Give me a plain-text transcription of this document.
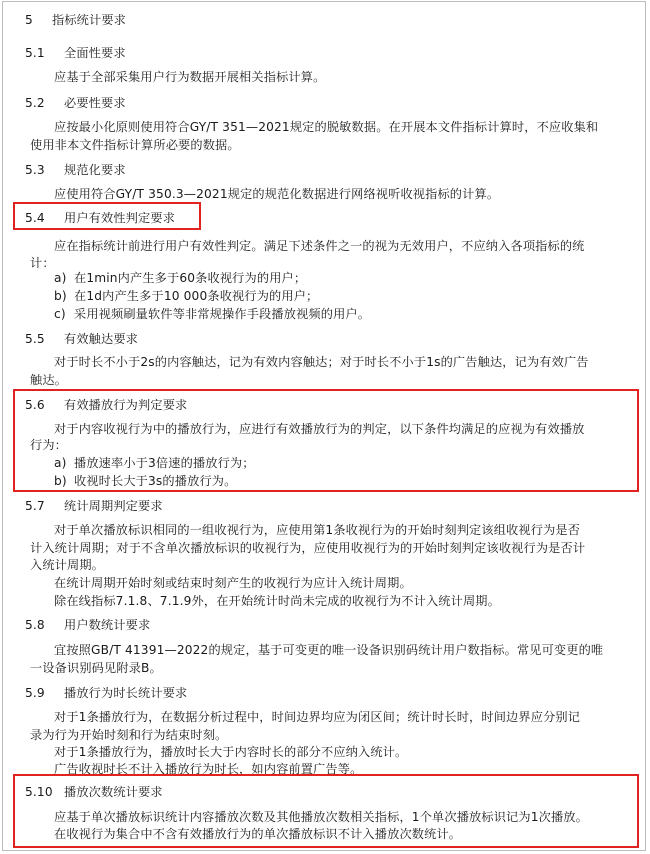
5 指标统计要求
5.1 全面性要求
应基于全部采集用户行为数据开展相关指标计算。
5.2 必要性要求
应按最小化原则使用符合GY/T 351—2021规定的脱敏数据。在开展本文件指标计算时，不应收集和
使用非本文件指标计算所必要的数据。
5.3 规范化要求
应使用符合GY/T 350.3—2021规定的规范化数据进行网络视听收视指标的计算。
5.4 用户有效性判定要求
应在指标统计前进行用户有效性判定。满足下述条件之一的视为无效用户，不应纳入各项指标的统
计：
a) 在1min内产生多于60条收视行为的用户；
b) 在1d内产生多于10 000条收视行为的用户；
c) 采用视频刷量软件等非常规操作手段播放视频的用户。
5.5 有效触达要求
对于时长不小于2s的内容触达，记为有效内容触达；对于时长不小于1s的广告触达，记为有效广告
触达。
5.6 有效播放行为判定要求
对于内容收视行为中的播放行为，应进行有效播放行为的判定，以下条件均满足的应视为有效播放
行为：
a) 播放速率小于3倍速的播放行为；
b) 收视时长大于3s的播放行为。
5.7 统计周期判定要求
对于单次播放标识相同的一组收视行为，应使用第1条收视行为的开始时刻判定该组收视行为是否
计入统计周期；对于不含单次播放标识的收视行为，应使用收视行为的开始时刻判定该收视行为是否计
入统计周期。
在统计周期开始时刻或结束时刻产生的收视行为应计入统计周期。
除在线指标7.1.8、7.1.9外，在开始统计时尚未完成的收视行为不计入统计周期。
5.8 用户数统计要求
宜按照GB/T 41391—2022的规定，基于可变更的唯一设备识别码统计用户数指标。常见可变更的唯
一设备识别码见附录B。
5.9 播放行为时长统计要求
对于1条播放行为，在数据分析过程中，时间边界均应为闭区间；统计时长时，时间边界应分别记
录为行为开始时刻和行为结束时刻。
对于1条播放行为，播放时长大于内容时长的部分不应纳入统计。
广告收视时长不计入播放行为时长，如内容前置广告等。
5.10 播放次数统计要求
应基于单次播放标识统计内容播放次数及其他播放次数相关指标，1个单次播放标识记为1次播放。
在收视行为集合中不含有效播放行为的单次播放标识不计入播放次数统计。
